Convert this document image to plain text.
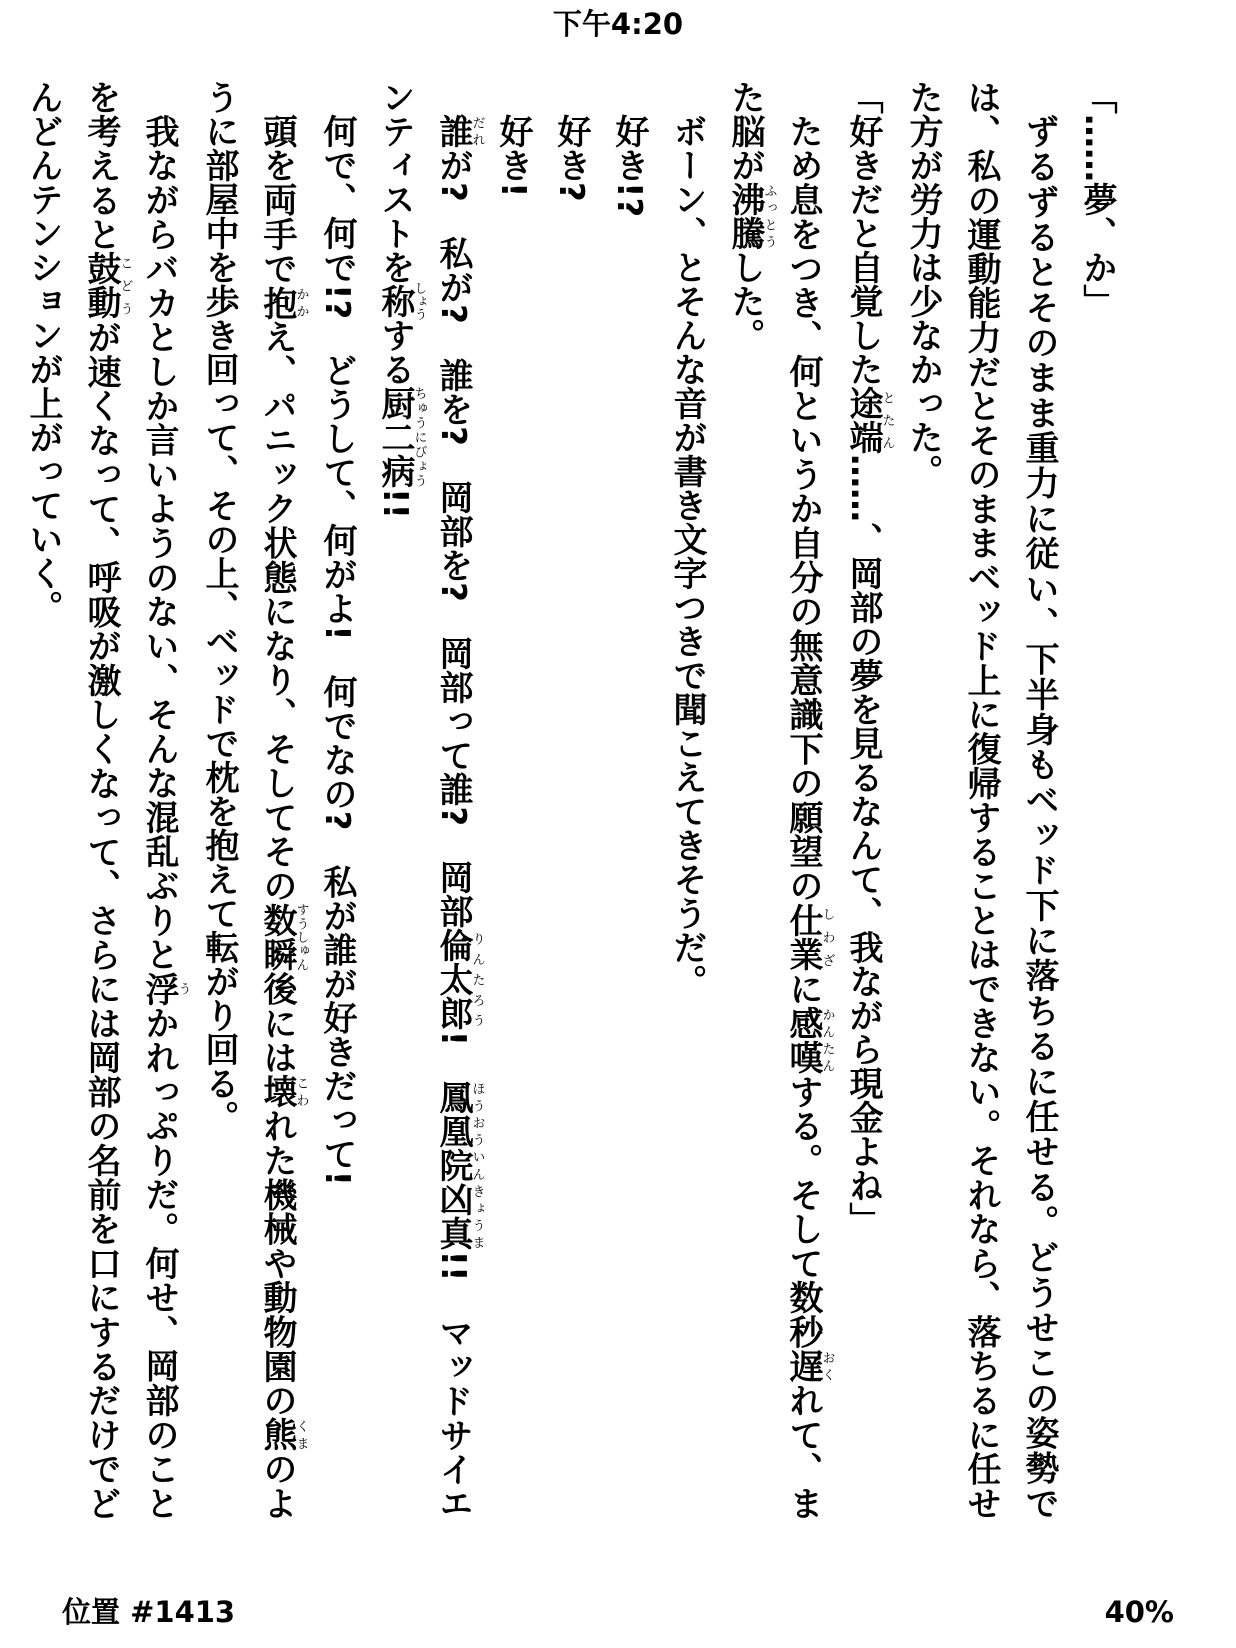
下午4:20

「……夢、か」

ずるずるとそのまま重力に従い、下半身もベッド下に落ちるに任せる。どうせこの姿勢では、私の運動能力だとそのままベッド上に復帰することはできない。それなら、落ちるに任せた方が労力は少なかった。

「好きだと自覚した途端とたん……、岡部の夢を見るなんて、我ながら現金よね」

ため息をつき、何というか自分の無意識下の願望の仕業しわざに感嘆かんたんする。そして数秒遅おくれて、また脳が沸騰ふっとうした。

ボーン、とそんな音が書き文字つきで聞こえてきそうだ。

好き!?

好き?

好き!

誰だれが?　私が?　誰を?　岡部を?　岡部って誰?　岡部倫太郎りんたろう!　鳳凰院ほうおういん凶真きょうま!!　マッドサイエンティストを称しょうする厨二病ちゅうにびょう!!

何で、何で!?　どうして、何がよ!　何でなの?　私が誰が好きだって!

頭を両手で抱かかえ、パニック状態になり、そしてその数瞬すうしゅん後には壊こわれた機械や動物園の熊くまのように部屋中を歩き回って、その上、ベッドで枕を抱えて転がり回る。

我ながらバカとしか言いようのない、そんな混乱ぶりと浮うかれっぷりだ。何せ、岡部のことを考えると鼓動こどうが速くなって、呼吸が激しくなって、さらには岡部の名前を口にするだけでどんどんテンションが上がっていく。

位置 #1413	40%
